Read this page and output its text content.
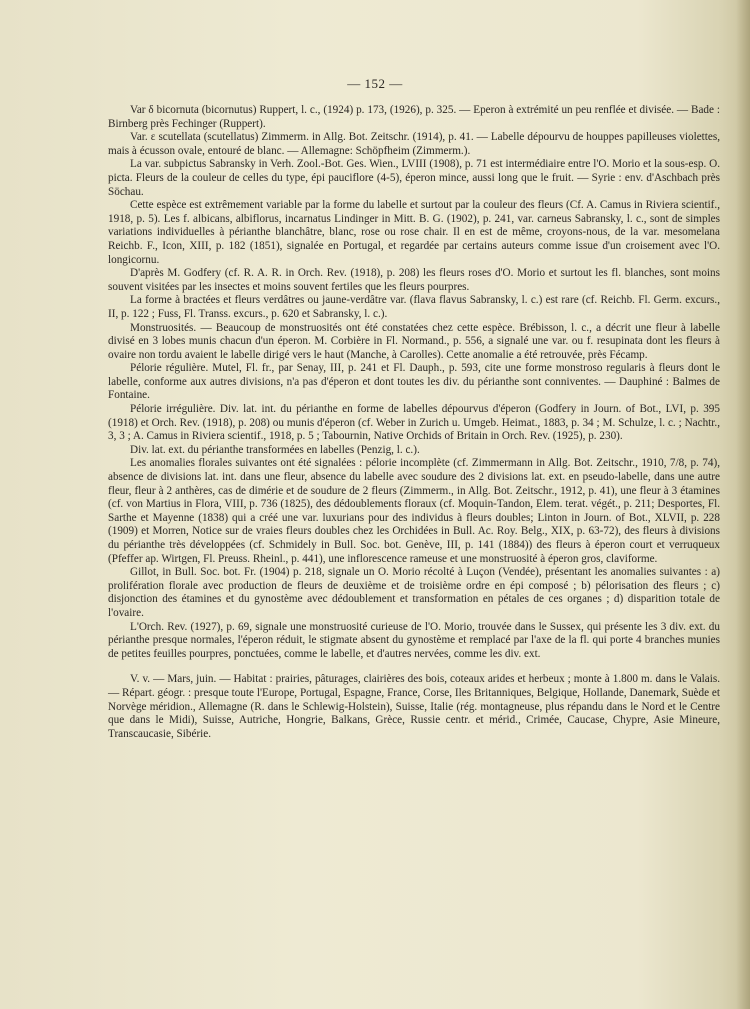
— 152 —

Var δ bicornuta (bicornutus) Ruppert, l. c., (1924) p. 173, (1926), p. 325. — Eperon à extrémité un peu renflée et divisée. — Bade : Birnberg près Fechinger (Ruppert).

Var. ε scutellata (scutellatus) Zimmerm. in Allg. Bot. Zeitschr. (1914), p. 41. — Labelle dépourvu de houppes papilleuses violettes, mais à écusson ovale, entouré de blanc. — Allemagne: Schöpfheim (Zimmerm.).

La var. subpictus Sabransky in Verh. Zool.-Bot. Ges. Wien., LVIII (1908), p. 71 est intermédiaire entre l'O. Morio et la sous-esp. O. picta. Fleurs de la couleur de celles du type, épi pauciflore (4-5), éperon mince, aussi long que le fruit. — Syrie : env. d'Aschbach près Söchau.

Cette espèce est extrêmement variable par la forme du labelle et surtout par la couleur des fleurs (Cf. A. Camus in Riviera scientif., 1918, p. 5). Les f. albicans, albiflorus, incarnatus Lindinger in Mitt. B. G. (1902), p. 241, var. carneus Sabransky, l. c., sont de simples variations individuelles à périanthe blanchâtre, blanc, rose ou rose chair. Il en est de même, croyons-nous, de la var. mesomelana Reichb. F., Icon, XIII, p. 182 (1851), signalée en Portugal, et regardée par certains auteurs comme issue d'un croisement avec l'O. longicornu.

D'après M. Godfery (cf. R. A. R. in Orch. Rev. (1918), p. 208) les fleurs roses d'O. Morio et surtout les fl. blanches, sont moins souvent visitées par les insectes et moins souvent fertiles que les fleurs pourpres.

La forme à bractées et fleurs verdâtres ou jaune-verdâtre var. (flava flavus Sabransky, l. c.) est rare (cf. Reichb. Fl. Germ. excurs., II, p. 122 ; Fuss, Fl. Transs. excurs., p. 620 et Sabransky, l. c.).

Monstruosités. — Beaucoup de monstruosités ont été constatées chez cette espèce. Brébisson, l. c., a décrit une fleur à labelle divisé en 3 lobes munis chacun d'un éperon. M. Corbière in Fl. Normand., p. 556, a signalé une var. ou f. resupinata dont les fleurs à ovaire non tordu avaient le labelle dirigé vers le haut (Manche, à Carolles). Cette anomalie a été retrouvée, près Fécamp.

Pélorie régulière. Mutel, Fl. fr., par Senay, III, p. 241 et Fl. Dauph., p. 593, cite une forme monstroso regularis à fleurs dont le labelle, conforme aux autres divisions, n'a pas d'éperon et dont toutes les div. du périanthe sont conniventes. — Dauphiné : Balmes de Fontaine.

Pélorie irrégulière. Div. lat. int. du périanthe en forme de labelles dépourvus d'éperon (Godfery in Journ. of Bot., LVI, p. 395 (1918) et Orch. Rev. (1918), p. 208) ou munis d'éperon (cf. Weber in Zurich u. Umgeb. Heimat., 1883, p. 34 ; M. Schulze, l. c. ; Nachtr., 3, 3 ; A. Camus in Riviera scientif., 1918, p. 5 ; Tabournin, Native Orchids of Britain in Orch. Rev. (1925), p. 230).

Div. lat. ext. du périanthe transformées en labelles (Penzig, l. c.).

Les anomalies florales suivantes ont été signalées : pélorie incomplète (cf. Zimmermann in Allg. Bot. Zeitschr., 1910, 7/8, p. 74), absence de divisions lat. int. dans une fleur, absence du labelle avec soudure des 2 divisions lat. ext. en pseudo-labelle, dans une autre fleur, fleur à 2 anthères, cas de dimérie et de soudure de 2 fleurs (Zimmerm., in Allg. Bot. Zeitschr., 1912, p. 41), une fleur à 3 étamines (cf. von Martius in Flora, VIII, p. 736 (1825), des dédoublements floraux (cf. Moquin-Tandon, Elem. terat. végét., p. 211; Desportes, Fl. Sarthe et Mayenne (1838) qui a créé une var. luxurians pour des individus à fleurs doubles; Linton in Journ. of Bot., XLVII, p. 228 (1909) et Morren, Notice sur de vraies fleurs doubles chez les Orchidées in Bull. Ac. Roy. Belg., XIX, p. 63-72), des fleurs à divisions du périanthe très développées (cf. Schmidely in Bull. Soc. bot. Genève, III, p. 141 (1884)) des fleurs à éperon court et verruqueux (Pfeffer ap. Wirtgen, Fl. Preuss. Rheinl., p. 441), une inflorescence rameuse et une monstruosité à éperon gros, claviforme.

Gillot, in Bull. Soc. bot. Fr. (1904) p. 218, signale un O. Morio récolté à Luçon (Vendée), présentant les anomalies suivantes : a) prolifération florale avec production de fleurs de deuxième et de troisième ordre en épi composé ; b) pélorisation des fleurs ; c) disjonction des étamines et du gynostème avec dédoublement et transformation en pétales de ces organes ; d) disparition totale de l'ovaire.

L'Orch. Rev. (1927), p. 69, signale une monstruosité curieuse de l'O. Morio, trouvée dans le Sussex, qui présente les 3 div. ext. du périanthe presque normales, l'éperon réduit, le stigmate absent du gynostème et remplacé par l'axe de la fl. qui porte 4 branches munies de petites feuilles pourpres, ponctuées, comme le labelle, et d'autres nervées, comme les div. ext.

V. v. — Mars, juin. — Habitat : prairies, pâturages, clairières des bois, coteaux arides et herbeux ; monte à 1.800 m. dans le Valais. — Répart. géogr. : presque toute l'Europe, Portugal, Espagne, France, Corse, Iles Britanniques, Belgique, Hollande, Danemark, Suède et Norvège méridion., Allemagne (R. dans le Schlewig-Holstein), Suisse, Italie (rég. montagneuse, plus répandu dans le Nord et le Centre que dans le Midi), Suisse, Autriche, Hongrie, Balkans, Grèce, Russie centr. et mérid., Crimée, Caucase, Chypre, Asie Mineure, Transcaucasie, Sibérie.
